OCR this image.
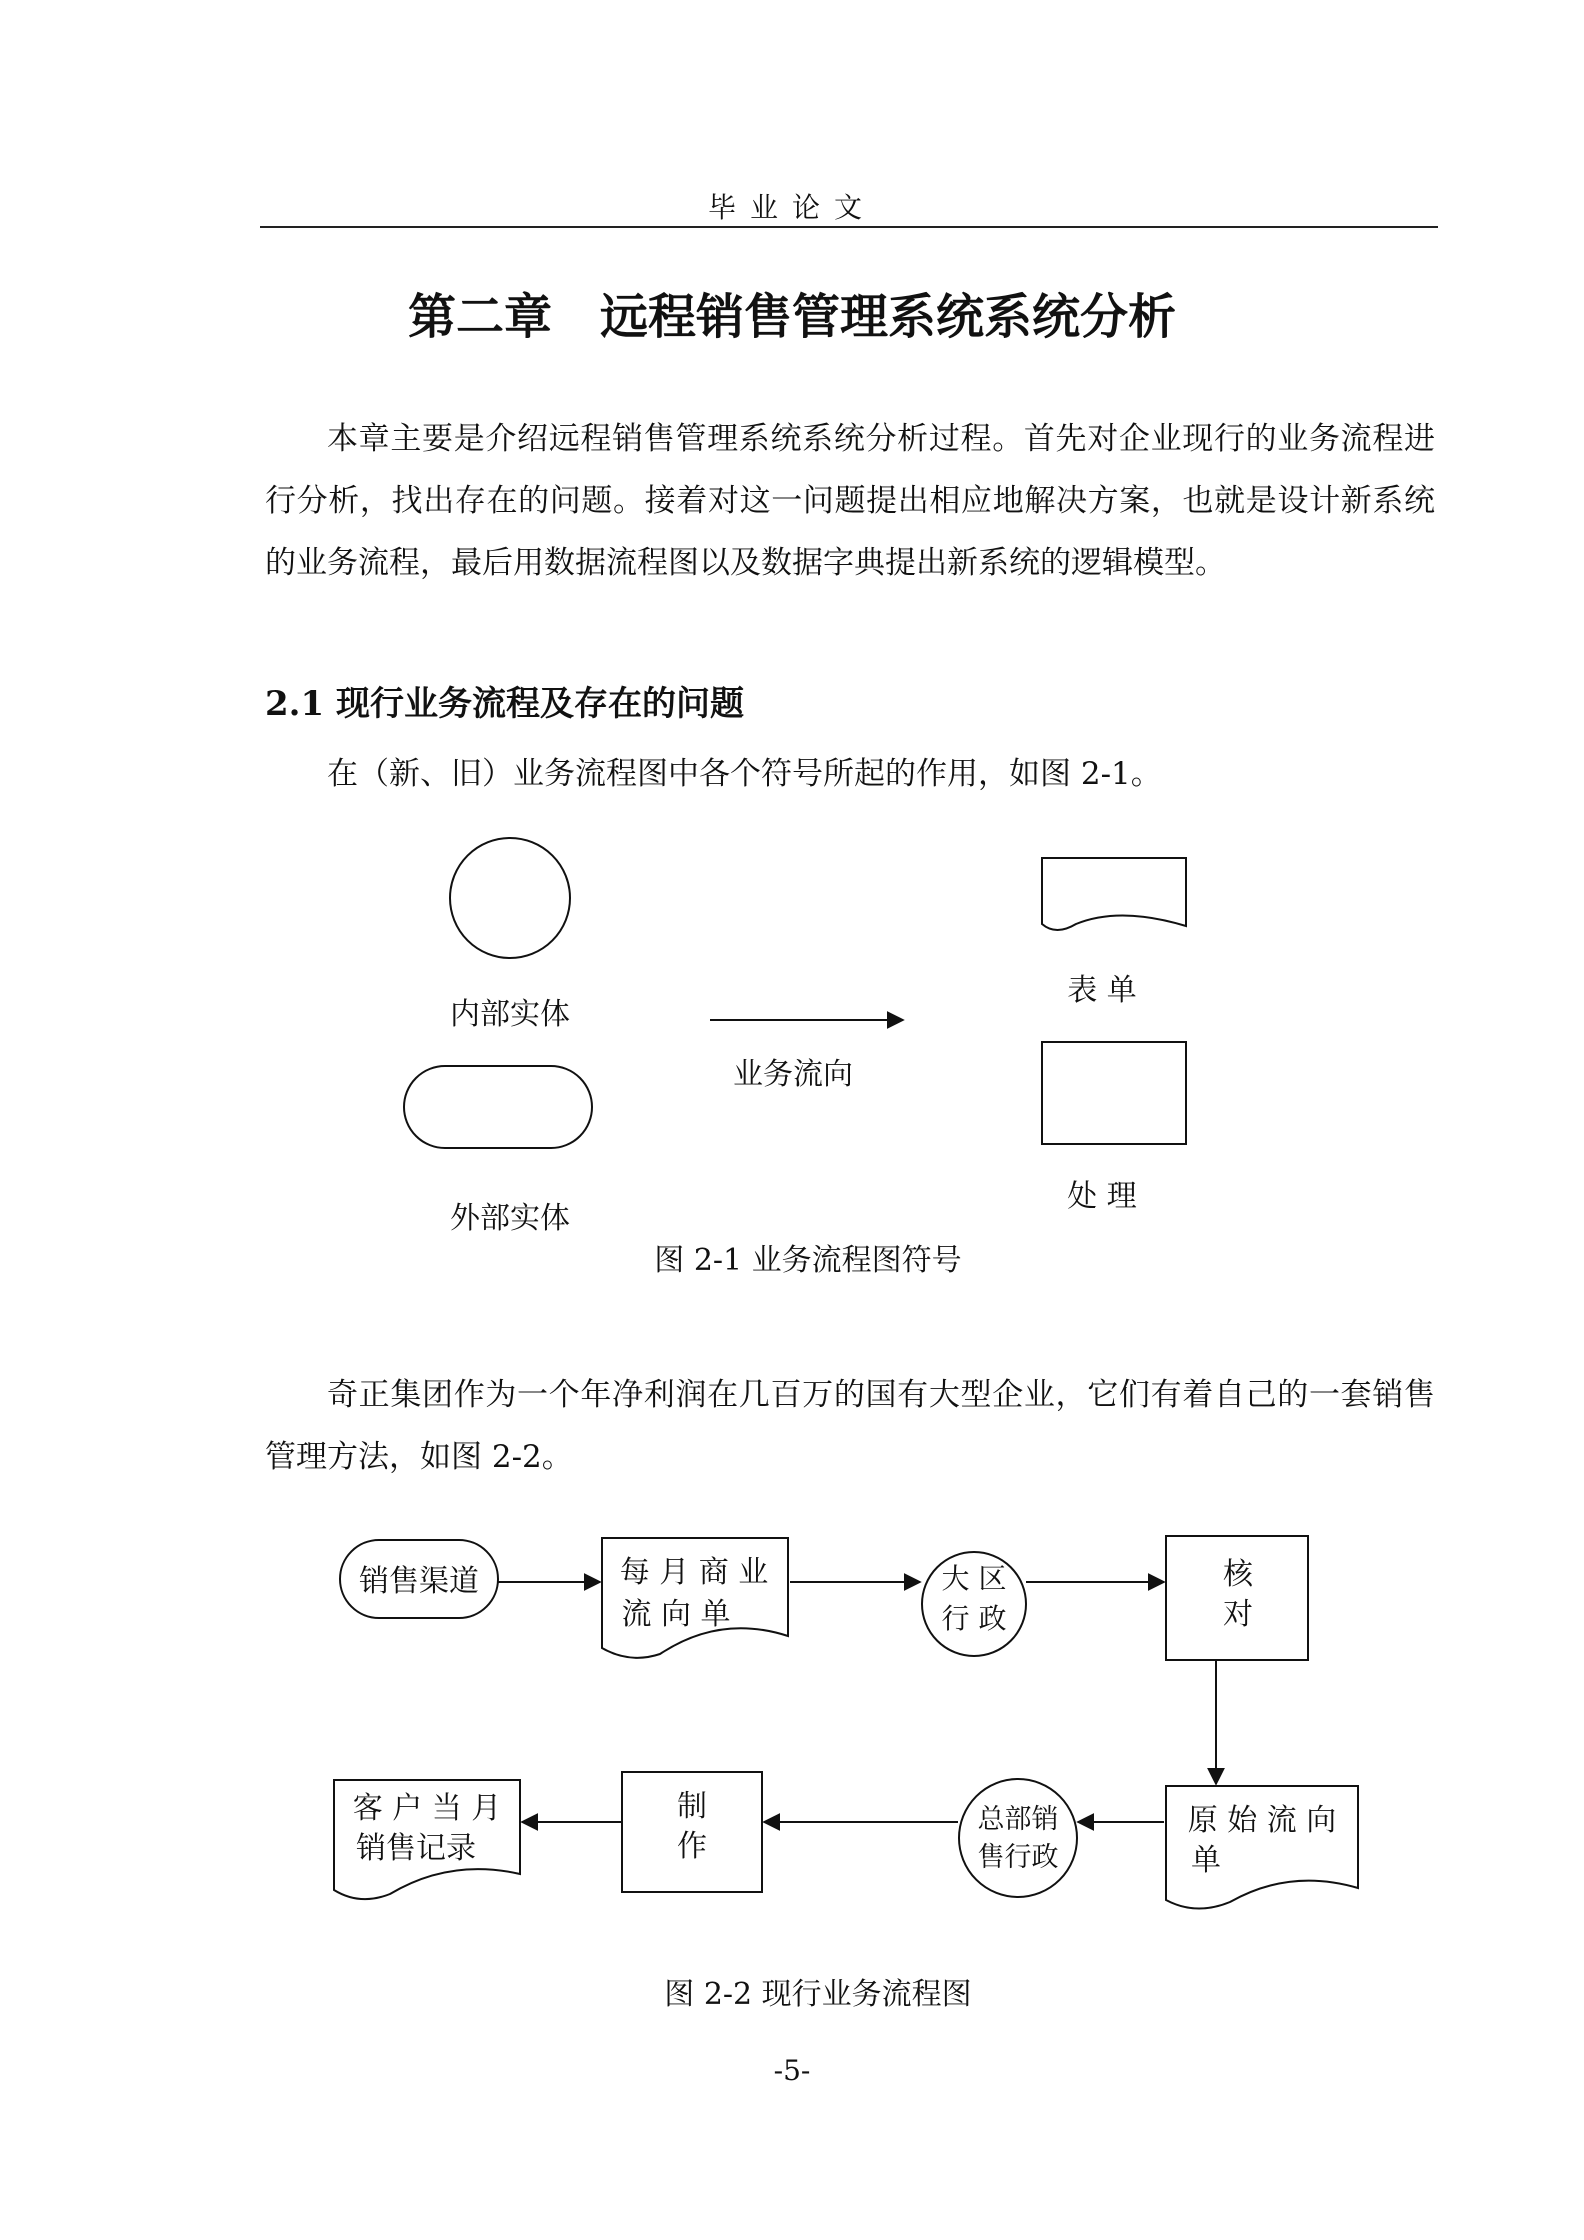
毕业论文
第二章　远程销售管理系统系统分析
本章主要是介绍远程销售管理系统系统分析过程。首先对企业现行的业务流程进行分析，找出存在的问题。接着对这一问题提出相应地解决方案，也就是设计新系统的业务流程，最后用数据流程图以及数据字典提出新系统的逻辑模型。
2.1 现行业务流程及存在的问题
在（新、旧）业务流程图中各个符号所起的作用，如图 2-1。
内部实体
外部实体
业务流向
表 单
处 理
图 2-1 业务流程图符号
销售渠道	每 月 商 业
流 向 单
大 区
行 政
核
对
原 始 流 向
单
总部销
售行政
制
作
客 户 当 月
销售记录
图 2-2 现行业务流程图
奇正集团作为一个年净利润在几百万的国有大型企业，它们有着自己的一套销售管理方法，如图 2-2。
-5-
